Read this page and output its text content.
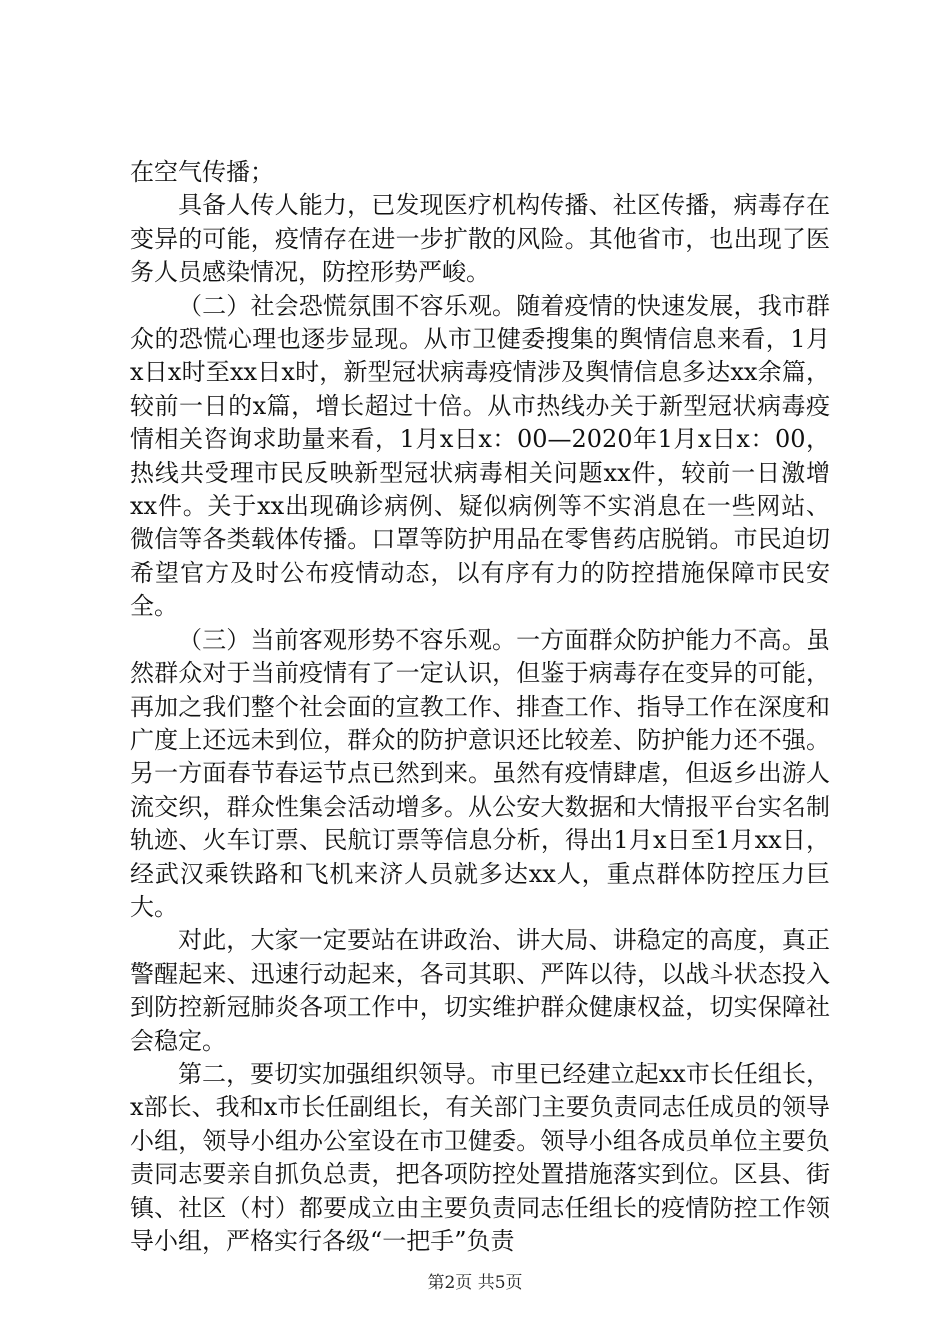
在空气传播；

具备人传人能力，已发现医疗机构传播、社区传播，病毒存在变异的可能，疫情存在进一步扩散的风险。其他省市，也出现了医务人员感染情况，防控形势严峻。

（二）社会恐慌氛围不容乐观。随着疫情的快速发展，我市群众的恐慌心理也逐步显现。从市卫健委搜集的舆情信息来看，1月x日x时至xx日x时，新型冠状病毒疫情涉及舆情信息多达xx余篇，较前一日的x篇，增长超过十倍。从市热线办关于新型冠状病毒疫情相关咨询求助量来看，1月x日x：00—2020年1月x日x：00，热线共受理市民反映新型冠状病毒相关问题xx件，较前一日激增xx件。关于xx出现确诊病例、疑似病例等不实消息在一些网站、微信等各类载体传播。口罩等防护用品在零售药店脱销。市民迫切希望官方及时公布疫情动态，以有序有力的防控措施保障市民安全。

（三）当前客观形势不容乐观。一方面群众防护能力不高。虽然群众对于当前疫情有了一定认识，但鉴于病毒存在变异的可能，再加之我们整个社会面的宣教工作、排查工作、指导工作在深度和广度上还远未到位，群众的防护意识还比较差、防护能力还不强。另一方面春节春运节点已然到来。虽然有疫情肆虐，但返乡出游人流交织，群众性集会活动增多。从公安大数据和大情报平台实名制轨迹、火车订票、民航订票等信息分析，得出1月x日至1月xx日，经武汉乘铁路和飞机来济人员就多达xx人，重点群体防控压力巨大。

对此，大家一定要站在讲政治、讲大局、讲稳定的高度，真正警醒起来、迅速行动起来，各司其职、严阵以待，以战斗状态投入到防控新冠肺炎各项工作中，切实维护群众健康权益，切实保障社会稳定。

第二，要切实加强组织领导。市里已经建立起xx市长任组长，x部长、我和x市长任副组长，有关部门主要负责同志任成员的领导小组，领导小组办公室设在市卫健委。领导小组各成员单位主要负责同志要亲自抓负总责，把各项防控处置措施落实到位。区县、街镇、社区（村）都要成立由主要负责同志任组长的疫情防控工作领导小组，严格实行各级“一把手”负责

第2页 共5页
